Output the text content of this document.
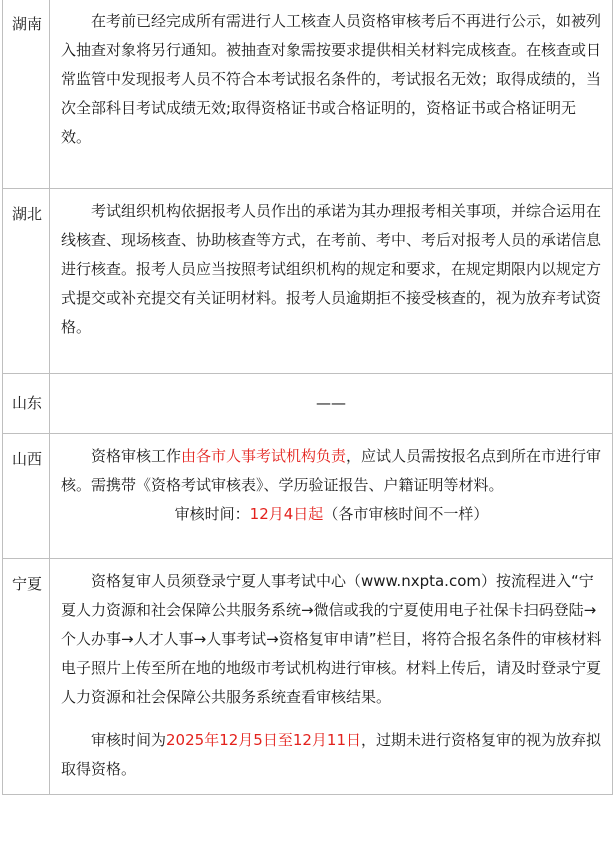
湖南	在考前已经完成所有需进行人工核查人员资格审核考后不再进行公示，如被列入抽查对象将另行通知。被抽查对象需按要求提供相关材料完成核查。在核查或日常监管中发现报考人员不符合本考试报名条件的，考试报名无效；取得成绩的，当次全部科目考试成绩无效;取得资格证书或合格证明的，资格证书或合格证明无效。

湖北	考试组织机构依据报考人员作出的承诺为其办理报考相关事项，并综合运用在线核查、现场核查、协助核查等方式，在考前、考中、考后对报考人员的承诺信息进行核查。报考人员应当按照考试组织机构的规定和要求，在规定期限内以规定方式提交或补充提交有关证明材料。报考人员逾期拒不接受核查的，视为放弃考试资格。

山东	——
山西	资格审核工作由各市人事考试机构负责，应试人员需按报名点到所在市进行审核。需携带《资格考试审核表》、学历验证报告、户籍证明等材料。

审核时间：12月4日起（各市审核时间不一样）

宁夏	资格复审人员须登录宁夏人事考试中心（www.nxpta.com）按流程进入“宁夏人力资源和社会保障公共服务系统→微信或我的宁夏使用电子社保卡扫码登陆→个人办事→人才人事→人事考试→资格复审申请”栏目，将符合报名条件的审核材料电子照片上传至所在地的地级市考试机构进行审核。材料上传后，请及时登录宁夏人力资源和社会保障公共服务系统查看审核结果。

审核时间为2025年12月5日至12月11日，过期未进行资格复审的视为放弃拟取得资格。
